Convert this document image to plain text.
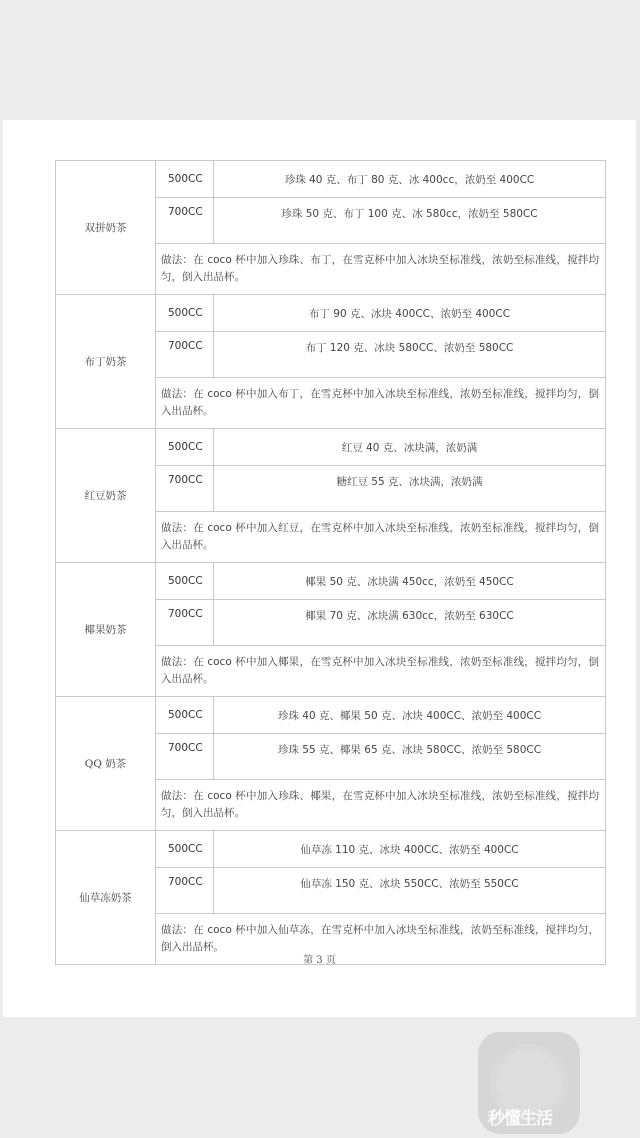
双拼奶茶	500CC	珍珠 40 克、布丁 80 克、冰 400cc，浓奶至 400CC
	700CC	珍珠 50 克、布丁 100 克、冰 580cc，浓奶至 580CC
	做法：在 coco 杯中加入珍珠、布丁，在雪克杯中加入冰块至标准线，浓奶至标准线，搅拌均匀，倒入出品杯。	
布丁奶茶	500CC	布丁 90 克、冰块 400CC、浓奶至 400CC
	700CC	布丁 120 克、冰块 580CC、浓奶至 580CC
	做法：在 coco 杯中加入布丁，在雪克杯中加入冰块至标准线，浓奶至标准线，搅拌均匀，倒入出品杯。	
红豆奶茶	500CC	红豆 40 克、冰块满，浓奶满
	700CC	糖红豆 55 克、冰块满，浓奶满
	做法：在 coco 杯中加入红豆，在雪克杯中加入冰块至标准线，浓奶至标准线，搅拌均匀，倒入出品杯。	
椰果奶茶	500CC	椰果 50 克、冰块满 450cc，浓奶至 450CC
	700CC	椰果 70 克、冰块满 630cc，浓奶至 630CC
	做法：在 coco 杯中加入椰果，在雪克杯中加入冰块至标准线，浓奶至标准线，搅拌均匀，倒入出品杯。	
QQ 奶茶	500CC	珍珠 40 克、椰果 50 克、冰块 400CC、浓奶至 400CC
	700CC	珍珠 55 克、椰果 65 克、冰块 580CC、浓奶至 580CC
	做法：在 coco 杯中加入珍珠、椰果，在雪克杯中加入冰块至标准线，浓奶至标准线，搅拌均匀，倒入出品杯。	
仙草冻奶茶	500CC	仙草冻 110 克、冰块 400CC、浓奶至 400CC
	700CC	仙草冻 150 克、冰块 550CC、浓奶至 550CC
	做法：在 coco 杯中加入仙草冻，在雪克杯中加入冰块至标准线，浓奶至标准线，搅拌均匀，倒入出品杯。	
第 3 页
秒懂生活
